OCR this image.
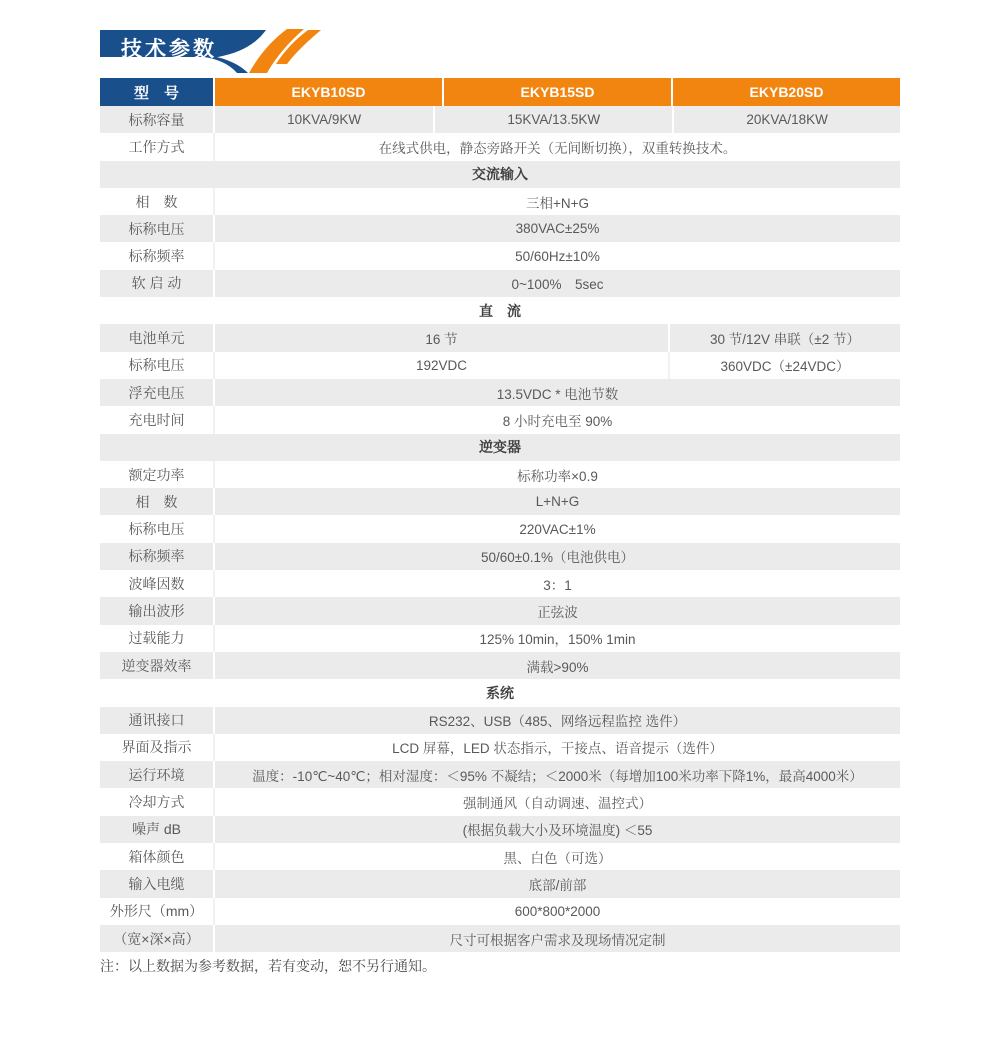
技术参数
型　号	EKYB10SD	EKYB15SD	EKYB20SD
标称容量	10KVA/9KW	15KVA/13.5KW	20KVA/18KW
工作方式	在线式供电，静态旁路开关（无间断切换），双重转换技术。
交流输入
相　数	三相+N+G
标称电压	380VAC±25%
标称频率	50/60Hz±10%
软 启 动	0~100%　5sec
直　流
电池单元	16 节	30 节/12V 串联（±2 节）
标称电压	192VDC	360VDC（±24VDC）
浮充电压	13.5VDC * 电池节数
充电时间	8 小时充电至 90%
逆变器
额定功率	标称功率×0.9
相　数	L+N+G
标称电压	220VAC±1%
标称频率	50/60±0.1%（电池供电）
波峰因数	3：1
输出波形	正弦波
过载能力	125% 10min，150% 1min
逆变器效率	满载>90%
系统
通讯接口	RS232、USB（485、网络远程监控 选件）
界面及指示	LCD 屏幕，LED 状态指示，干接点、语音提示（选件）
运行环境	温度：-10℃~40℃；相对湿度：＜95% 不凝结；＜2000米（每增加100米功率下降1%，最高4000米）
冷却方式	强制通风（自动调速、温控式）
噪声 dB	(根据负载大小及环境温度) ＜55
箱体颜色	黒、白色（可选）
输入电缆	底部/前部
外形尺（mm）	600*800*2000
（宽×深×高）	尺寸可根据客户需求及现场情况定制
注：以上数据为参考数据，若有变动，恕不另行通知。
